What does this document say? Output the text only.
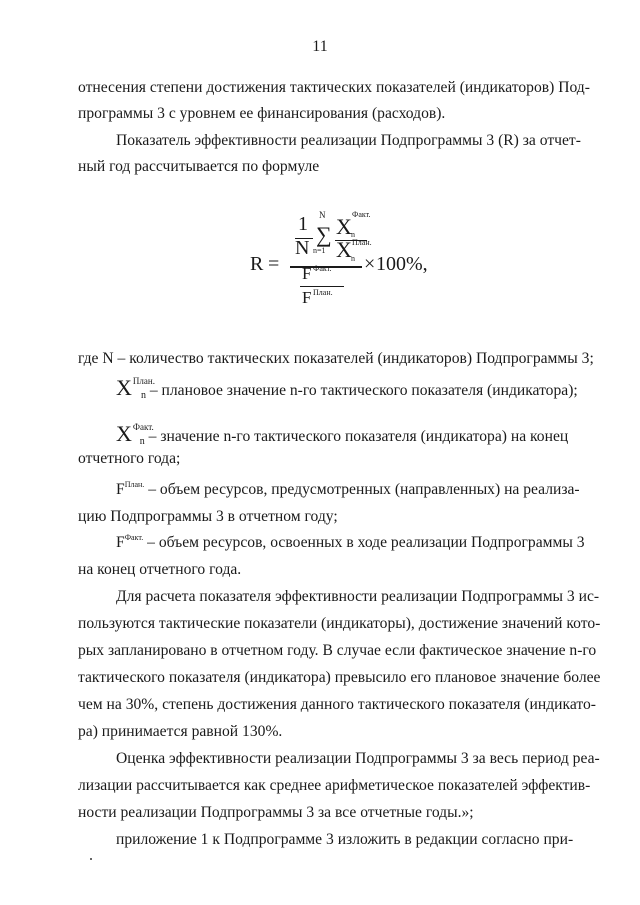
11
отнесения степени достижения тактических показателей (индикаторов) Под-
программы 3 с уровнем ее финансирования (расходов).
Показатель эффективности реализации Подпрограммы 3 (R) за отчет-
ный год рассчитывается по формуле
R =
1
N
N
∑
n=1
X Факт.
n
X План.
n
F Факт.
F План.
× 100%,
где N – количество тактических показателей (индикаторов) Подпрограммы 3;
$X^{План.}n$ – плановое значение n-го тактического показателя (индикатора);
$X^{Факт.}n$ – значение n-го тактического показателя (индикатора) на конец
отчетного года;
$F^{План.}$ – объем ресурсов, предусмотренных (направленных) на реализа-
цию Подпрограммы 3 в отчетном году;
$F^{Факт.}$ – объем ресурсов, освоенных в ходе реализации Подпрограммы 3
на конец отчетного года.
Для расчета показателя эффективности реализации Подпрограммы 3 ис-
пользуются тактические показатели (индикаторы), достижение значений кото-
рых запланировано в отчетном году. В случае если фактическое значение n-го
тактического показателя (индикатора) превысило его плановое значение более
чем на 30%, степень достижения данного тактического показателя (индикато-
ра) принимается равной 130%.
Оценка эффективности реализации Подпрограммы 3 за весь период реа-
лизации рассчитывается как среднее арифметическое показателей эффектив-
ности реализации Подпрограммы 3 за все отчетные годы.»;
приложение 1 к Подпрограмме 3 изложить в редакции согласно при-
